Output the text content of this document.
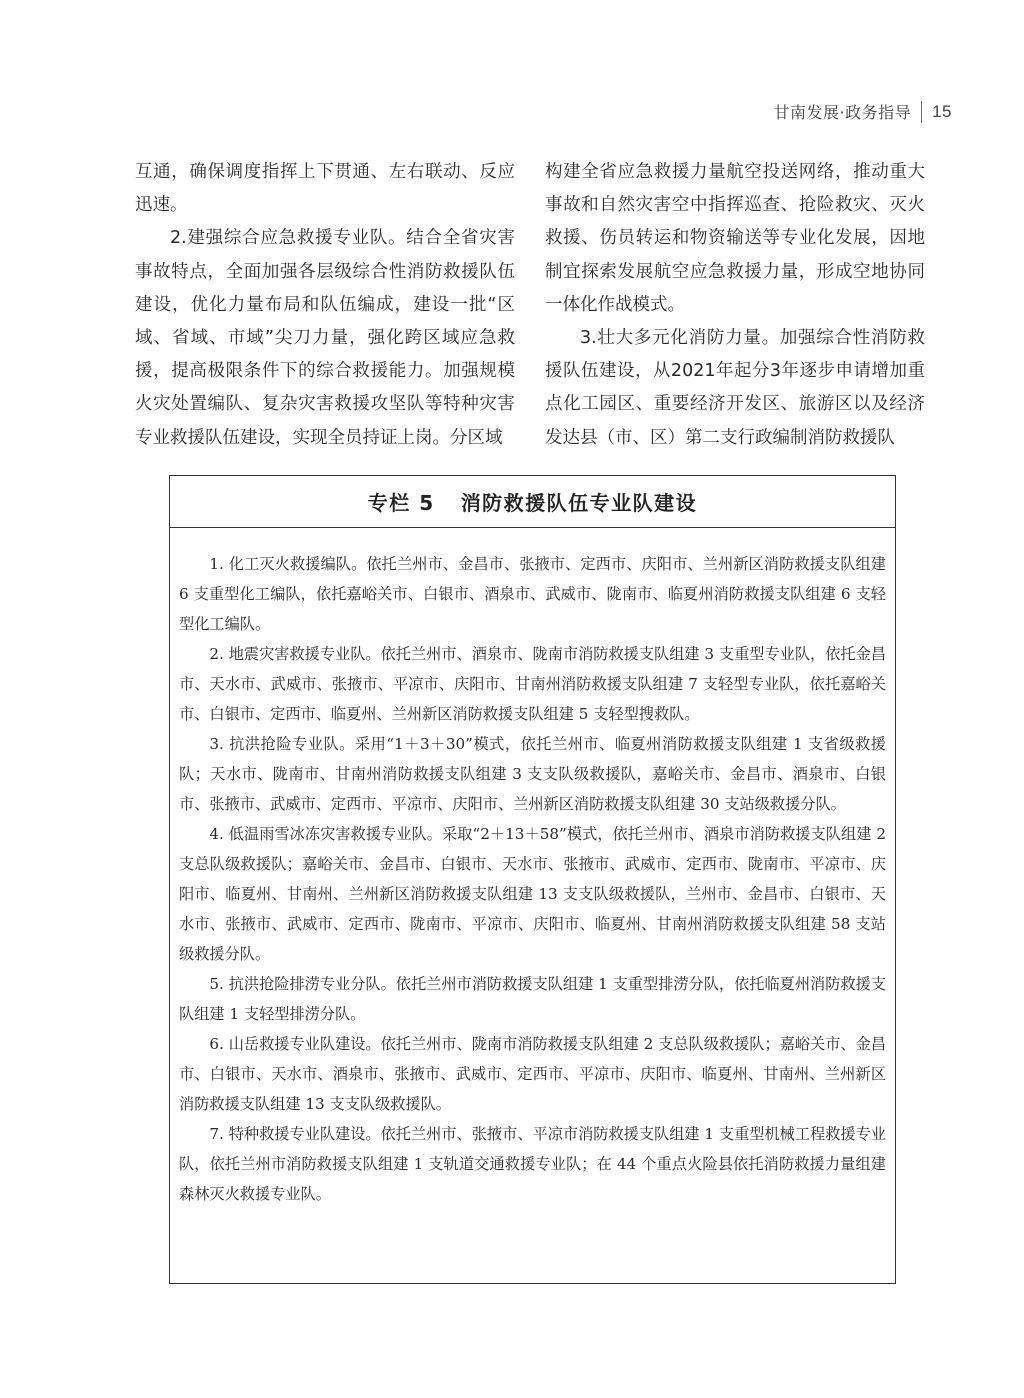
甘南发展·政务指导 15

互通，确保调度指挥上下贯通、左右联动、反应迅速。

2.建强综合应急救援专业队。结合全省灾害事故特点，全面加强各层级综合性消防救援队伍建设，优化力量布局和队伍编成，建设一批“区域、省域、市域”尖刀力量，强化跨区域应急救援，提高极限条件下的综合救援能力。加强规模火灾处置编队、复杂灾害救援攻坚队等特种灾害专业救援队伍建设，实现全员持证上岗。分区域

构建全省应急救援力量航空投送网络，推动重大事故和自然灾害空中指挥巡查、抢险救灾、灭火救援、伤员转运和物资输送等专业化发展，因地制宜探索发展航空应急救援力量，形成空地协同一体化作战模式。

3.壮大多元化消防力量。加强综合性消防救援队伍建设，从2021年起分3年逐步申请增加重点化工园区、重要经济开发区、旅游区以及经济发达县（市、区）第二支行政编制消防救援队

专栏 5 消防救援队伍专业队建设

1. 化工灭火救援编队。依托兰州市、金昌市、张掖市、定西市、庆阳市、兰州新区消防救援支队组建 6 支重型化工编队，依托嘉峪关市、白银市、酒泉市、武威市、陇南市、临夏州消防救援支队组建 6 支轻型化工编队。

2. 地震灾害救援专业队。依托兰州市、酒泉市、陇南市消防救援支队组建 3 支重型专业队，依托金昌市、天水市、武威市、张掖市、平凉市、庆阳市、甘南州消防救援支队组建 7 支轻型专业队，依托嘉峪关市、白银市、定西市、临夏州、兰州新区消防救援支队组建 5 支轻型搜救队。

3. 抗洪抢险专业队。采用“1＋3＋30”模式，依托兰州市、临夏州消防救援支队组建 1 支省级救援队；天水市、陇南市、甘南州消防救援支队组建 3 支支队级救援队，嘉峪关市、金昌市、酒泉市、白银市、张掖市、武威市、定西市、平凉市、庆阳市、兰州新区消防救援支队组建 30 支站级救援分队。

4. 低温雨雪冰冻灾害救援专业队。采取“2＋13＋58”模式，依托兰州市、酒泉市消防救援支队组建 2 支总队级救援队；嘉峪关市、金昌市、白银市、天水市、张掖市、武威市、定西市、陇南市、平凉市、庆阳市、临夏州、甘南州、兰州新区消防救援支队组建 13 支支队级救援队，兰州市、金昌市、白银市、天水市、张掖市、武威市、定西市、陇南市、平凉市、庆阳市、临夏州、甘南州消防救援支队组建 58 支站级救援分队。

5. 抗洪抢险排涝专业分队。依托兰州市消防救援支队组建 1 支重型排涝分队，依托临夏州消防救援支队组建 1 支轻型排涝分队。

6. 山岳救援专业队建设。依托兰州市、陇南市消防救援支队组建 2 支总队级救援队；嘉峪关市、金昌市、白银市、天水市、酒泉市、张掖市、武威市、定西市、平凉市、庆阳市、临夏州、甘南州、兰州新区消防救援支队组建 13 支支队级救援队。

7. 特种救援专业队建设。依托兰州市、张掖市、平凉市消防救援支队组建 1 支重型机械工程救援专业队，依托兰州市消防救援支队组建 1 支轨道交通救援专业队；在 44 个重点火险县依托消防救援力量组建森林灭火救援专业队。
